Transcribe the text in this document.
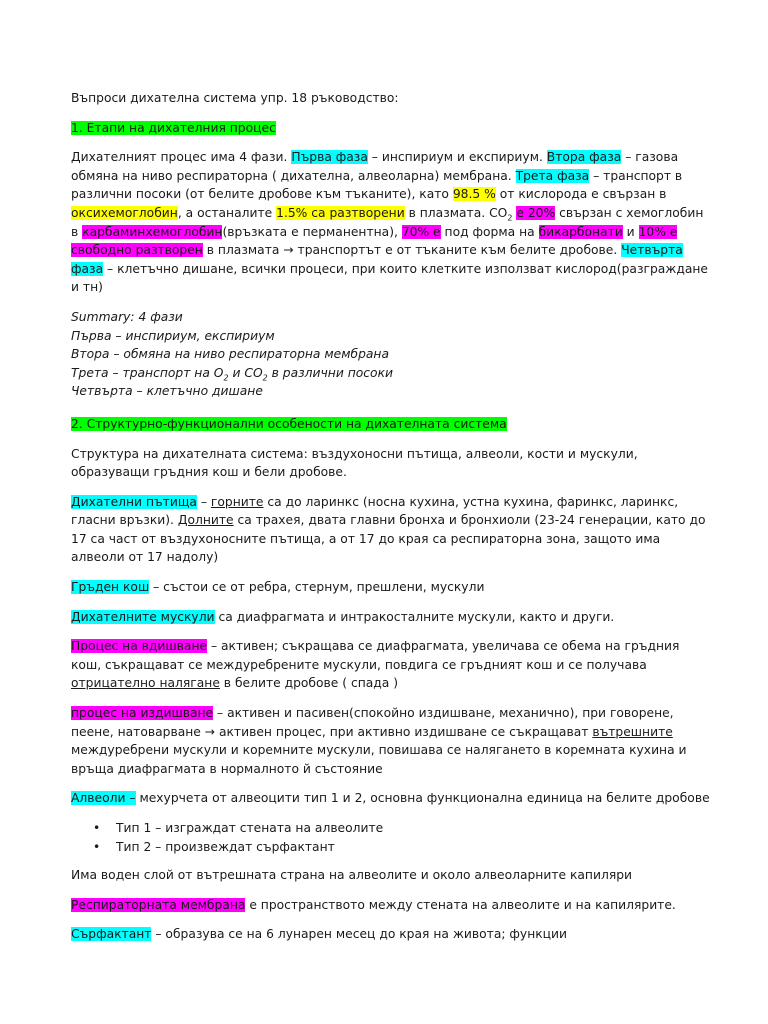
Въпроси дихателна система упр. 18 ръководство:

1. Етапи на дихателния процес

Дихателният процес има 4 фази. Първа фаза – инспириум и експириум. Втора фаза – газова обмяна на ниво респираторна ( дихателна, алвеоларна) мембрана. Трета фаза – транспорт в различни посоки (от белите дробове към тъканите), като 98.5 % от кислорода е свързан в оксихемоглобин, а останалите 1.5% са разтворени в плазмата. $CO_2$ е 20% свързан с хемоглобин в карбаминхемоглобин(връзката е перманентна), 70% е под форма на бикарбонати и 10% е свободно разтворен в плазмата → транспортът е от тъканите към белите дробове. Четвърта фаза – клетъчно дишане, всички процеси, при които клетките използват кислород(разграждане и тн)

Summary: 4 фази

Първа – инспириум, експириум

Втора – обмяна на ниво респираторна мембрана

Трета – транспорт на $O_2$ и $CO_2$ в различни посоки

Четвърта – клетъчно дишане

2. Структурно-функционални особености на дихателната система

Структура на дихателната система: въздухоносни пътища, алвеоли, кости и мускули, образуващи гръдния кош и бели дробове.

Дихателни пътища – горните са до ларинкс (носна кухина, устна кухина, фаринкс, ларинкс, гласни връзки). Долните са трахея, двата главни бронха и бронхиоли (23-24 генерации, като до 17 са част от въздухоносните пътища, а от 17 до края са респираторна зона, защото има алвеоли от 17 надолу)

Гръден кош – състои се от ребра, стернум, прешлени, мускули

Дихателните мускули са диафрагмата и интракосталните мускули, както и други.

Процес на вдишване – активен; съкращава се диафрагмата, увеличава се обема на гръдния кош, съкращават се междуребрените мускули, повдига се гръдният кош и се получава отрицателно налягане в белите дробове ( спада )

процес на издишване – активен и пасивен(спокойно издишване, механично), при говорене, пеене, натоварване → активен процес, при активно издишване се съкращават вътрешните междуребрени мускули и коремните мускули, повишава се налягането в коремната кухина и връща диафрагмата в нормалното й състояние

Алвеоли – мехурчета от алвеоцити тип 1 и 2, основна функционална единица на белите дробове

• Тип 1 – изграждат стената на алвеолите
• Тип 2 – произвеждат сърфактант

Има воден слой от вътрешната страна на алвеолите и около алвеоларните капиляри

Респираторната мембрана е пространството между стената на алвеолите и на капилярите.

Сърфактант – образува се на 6 лунарен месец до края на живота; функции
